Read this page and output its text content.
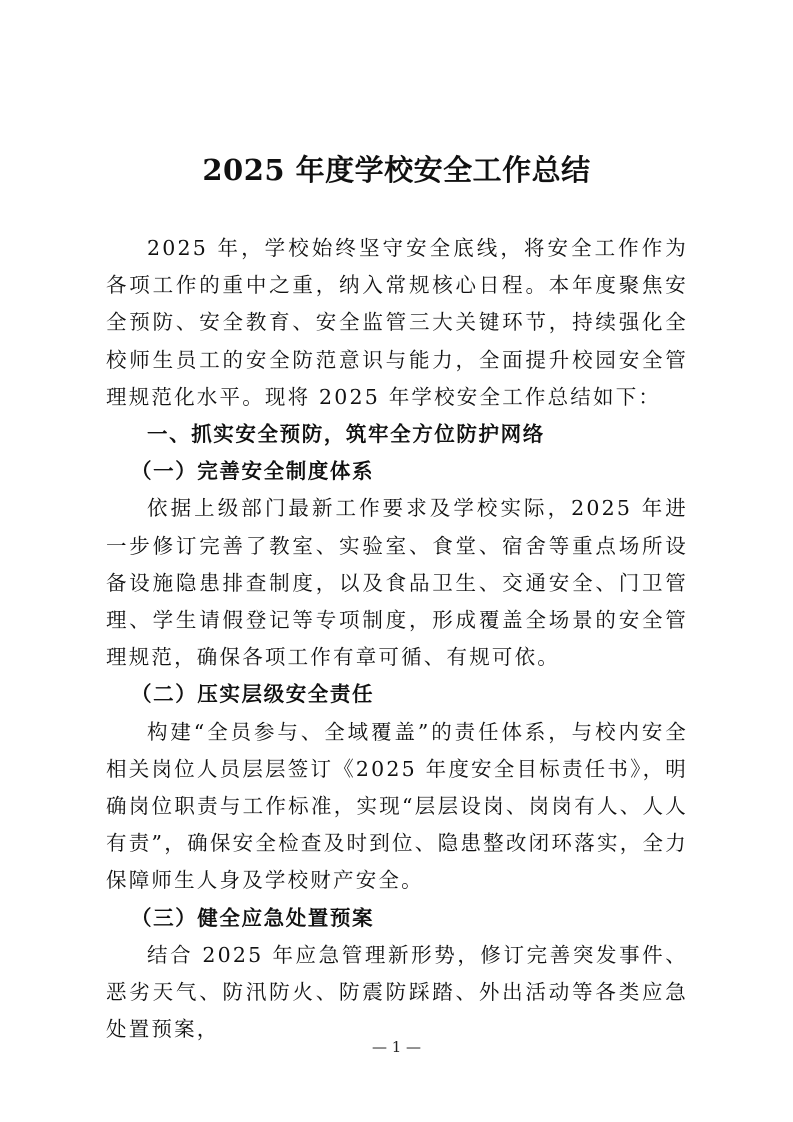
2025 年度学校安全工作总结

2025 年，学校始终坚守安全底线，将安全工作作为各项工作的重中之重，纳入常规核心日程。本年度聚焦安全预防、安全教育、安全监管三大关键环节，持续强化全校师生员工的安全防范意识与能力，全面提升校园安全管理规范化水平。现将 2025 年学校安全工作总结如下：

一、抓实安全预防，筑牢全方位防护网络

（一）完善安全制度体系

依据上级部门最新工作要求及学校实际，2025 年进一步修订完善了教室、实验室、食堂、宿舍等重点场所设备设施隐患排查制度，以及食品卫生、交通安全、门卫管理、学生请假登记等专项制度，形成覆盖全场景的安全管理规范，确保各项工作有章可循、有规可依。

（二）压实层级安全责任

构建“全员参与、全域覆盖”的责任体系，与校内安全相关岗位人员层层签订《2025 年度安全目标责任书》，明确岗位职责与工作标准，实现“层层设岗、岗岗有人、人人有责”，确保安全检查及时到位、隐患整改闭环落实，全力保障师生人身及学校财产安全。

（三）健全应急处置预案

结合 2025 年应急管理新形势，修订完善突发事件、恶劣天气、防汛防火、防震防踩踏、外出活动等各类应急处置预案，

— 1 —
